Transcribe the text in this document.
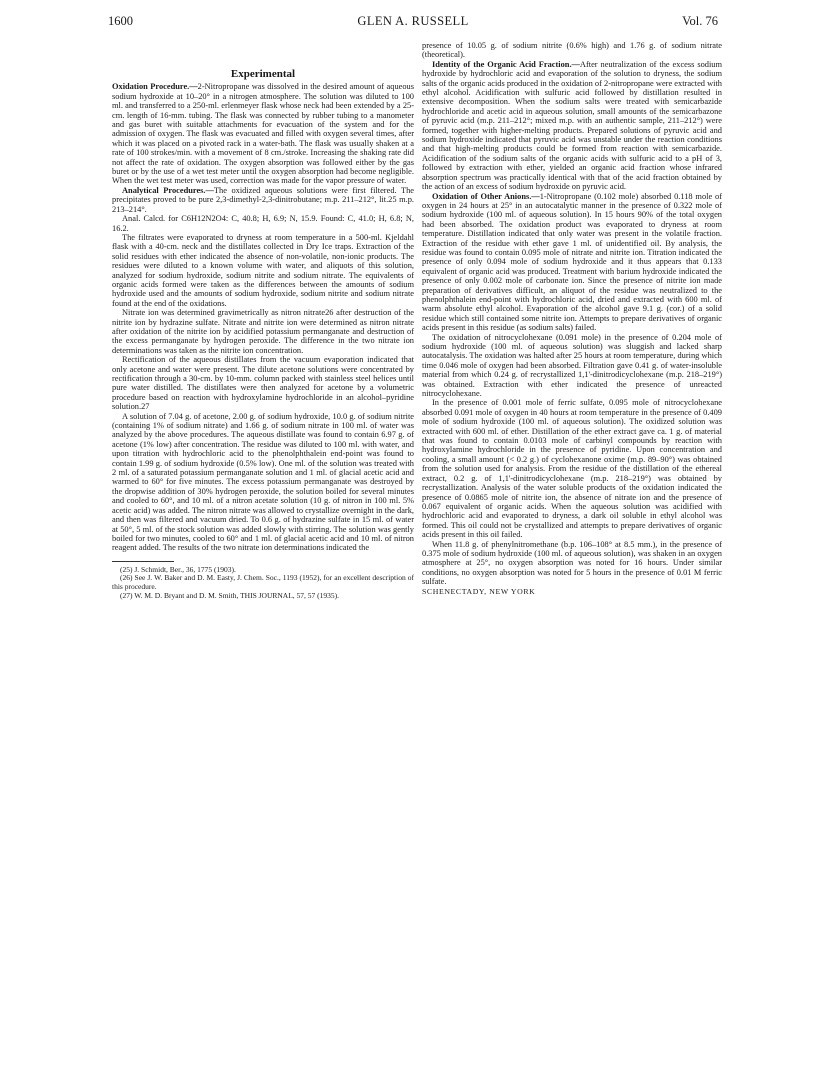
1600	GLEN A. RUSSELL	Vol. 76
Experimental

Oxidation Procedure.—2-Nitropropane was dissolved in the desired amount of aqueous sodium hydroxide at 10–20° in a nitrogen atmosphere. The solution was diluted to 100 ml. and transferred to a 250-ml. erlenmeyer flask whose neck had been extended by a 25-cm. length of 16-mm. tubing. The flask was connected by rubber tubing to a manometer and gas buret with suitable attachments for evacuation of the system and for the admission of oxygen. The flask was evacuated and filled with oxygen several times, after which it was placed on a pivoted rack in a water-bath. The flask was usually shaken at a rate of 100 strokes/min. with a movement of 8 cm./stroke. Increasing the shaking rate did not affect the rate of oxidation. The oxygen absorption was followed either by the gas buret or by the use of a wet test meter until the oxygen absorption had become negligible. When the wet test meter was used, correction was made for the vapor pressure of water.

Analytical Procedures.—The oxidized aqueous solutions were first filtered. The precipitates proved to be pure 2,3-dimethyl-2,3-dinitrobutane; m.p. 211–212°, lit.25 m.p. 213–214°.

Anal. Calcd. for C6H12N2O4: C, 40.8; H, 6.9; N, 15.9. Found: C, 41.0; H, 6.8; N, 16.2.

The filtrates were evaporated to dryness at room temperature in a 500-ml. Kjeldahl flask with a 40-cm. neck and the distillates collected in Dry Ice traps. Extraction of the solid residues with ether indicated the absence of non-volatile, non-ionic products. The residues were diluted to a known volume with water, and aliquots of this solution, analyzed for sodium hydroxide, sodium nitrite and sodium nitrate. The equivalents of organic acids formed were taken as the differences between the amounts of sodium hydroxide used and the amounts of sodium hydroxide, sodium nitrite and sodium nitrate found at the end of the oxidations.

Nitrate ion was determined gravimetrically as nitron nitrate26 after destruction of the nitrite ion by hydrazine sulfate. Nitrate and nitrite ion were determined as nitron nitrate after oxidation of the nitrite ion by acidified potassium permanganate and destruction of the excess permanganate by hydrogen peroxide. The difference in the two nitrate ion determinations was taken as the nitrite ion concentration.

Rectification of the aqueous distillates from the vacuum evaporation indicated that only acetone and water were present. The dilute acetone solutions were concentrated by rectification through a 30-cm. by 10-mm. column packed with stainless steel helices until pure water distilled. The distillates were then analyzed for acetone by a volumetric procedure based on reaction with hydroxylamine hydrochloride in an alcohol–pyridine solution.27

A solution of 7.04 g. of acetone, 2.00 g. of sodium hydroxide, 10.0 g. of sodium nitrite (containing 1% of sodium nitrate) and 1.66 g. of sodium nitrate in 100 ml. of water was analyzed by the above procedures. The aqueous distillate was found to contain 6.97 g. of acetone (1% low) after concentration. The residue was diluted to 100 ml. with water, and upon titration with hydrochloric acid to the phenolphthalein end-point was found to contain 1.99 g. of sodium hydroxide (0.5% low). One ml. of the solution was treated with 2 ml. of a saturated potassium permanganate solution and 1 ml. of glacial acetic acid and warmed to 60° for five minutes. The excess potassium permanganate was destroyed by the dropwise addition of 30% hydrogen peroxide, the solution boiled for several minutes and cooled to 60°, and 10 ml. of a nitron acetate solution (10 g. of nitron in 100 ml. 5% acetic acid) was added. The nitron nitrate was allowed to crystallize overnight in the dark, and then was filtered and vacuum dried. To 0.6 g. of hydrazine sulfate in 15 ml. of water at 50°, 5 ml. of the stock solution was added slowly with stirring. The solution was gently boiled for two minutes, cooled to 60° and 1 ml. of glacial acetic acid and 10 ml. of nitron reagent added. The results of the two nitrate ion determinations indicated the

(25) J. Schmidt, Ber., 36, 1775 (1903).

(26) See J. W. Baker and D. M. Easty, J. Chem. Soc., 1193 (1952), for an excellent description of this procedure.

(27) W. M. D. Bryant and D. M. Smith, THIS JOURNAL, 57, 57 (1935).

presence of 10.05 g. of sodium nitrite (0.6% high) and 1.76 g. of sodium nitrate (theoretical).

Identity of the Organic Acid Fraction.—After neutralization of the excess sodium hydroxide by hydrochloric acid and evaporation of the solution to dryness, the sodium salts of the organic acids produced in the oxidation of 2-nitropropane were extracted with ethyl alcohol. Acidification with sulfuric acid followed by distillation resulted in extensive decomposition. When the sodium salts were treated with semicarbazide hydrochloride and acetic acid in aqueous solution, small amounts of the semicarbazone of pyruvic acid (m.p. 211–212°; mixed m.p. with an authentic sample, 211–212°) were formed, together with higher-melting products. Prepared solutions of pyruvic acid and sodium hydroxide indicated that pyruvic acid was unstable under the reaction conditions and that high-melting products could be formed from reaction with semicarbazide. Acidification of the sodium salts of the organic acids with sulfuric acid to a pH of 3, followed by extraction with ether, yielded an organic acid fraction whose infrared absorption spectrum was practically identical with that of the acid fraction obtained by the action of an excess of sodium hydroxide on pyruvic acid.

Oxidation of Other Anions.—1-Nitropropane (0.102 mole) absorbed 0.118 mole of oxygen in 24 hours at 25° in an autocatalytic manner in the presence of 0.322 mole of sodium hydroxide (100 ml. of aqueous solution). In 15 hours 90% of the total oxygen had been absorbed. The oxidation product was evaporated to dryness at room temperature. Distillation indicated that only water was present in the volatile fraction. Extraction of the residue with ether gave 1 ml. of unidentified oil. By analysis, the residue was found to contain 0.095 mole of nitrate and nitrite ion. Titration indicated the presence of only 0.094 mole of sodium hydroxide and it thus appears that 0.133 equivalent of organic acid was produced. Treatment with barium hydroxide indicated the presence of only 0.002 mole of carbonate ion. Since the presence of nitrite ion made preparation of derivatives difficult, an aliquot of the residue was neutralized to the phenolphthalein end-point with hydrochloric acid, dried and extracted with 600 ml. of warm absolute ethyl alcohol. Evaporation of the alcohol gave 9.1 g. (cor.) of a solid residue which still contained some nitrite ion. Attempts to prepare derivatives of organic acids present in this residue (as sodium salts) failed.

The oxidation of nitrocyclohexane (0.091 mole) in the presence of 0.204 mole of sodium hydroxide (100 ml. of aqueous solution) was sluggish and lacked sharp autocatalysis. The oxidation was halted after 25 hours at room temperature, during which time 0.046 mole of oxygen had been absorbed. Filtration gave 0.41 g. of water-insoluble material from which 0.24 g. of recrystallized 1,1'-dinitrodicyclohexane (m.p. 218–219°) was obtained. Extraction with ether indicated the presence of unreacted nitrocyclohexane.

In the presence of 0.001 mole of ferric sulfate, 0.095 mole of nitrocyclohexane absorbed 0.091 mole of oxygen in 40 hours at room temperature in the presence of 0.409 mole of sodium hydroxide (100 ml. of aqueous solution). The oxidized solution was extracted with 600 ml. of ether. Distillation of the ether extract gave ca. 1 g. of material that was found to contain 0.0103 mole of carbinyl compounds by reaction with hydroxylamine hydrochloride in the presence of pyridine. Upon concentration and cooling, a small amount (< 0.2 g.) of cyclohexanone oxime (m.p. 89–90°) was obtained from the solution used for analysis. From the residue of the distillation of the ethereal extract, 0.2 g. of 1,1'-dinitrodicyclohexane (m.p. 218–219°) was obtained by recrystallization. Analysis of the water soluble products of the oxidation indicated the presence of 0.0865 mole of nitrite ion, the absence of nitrate ion and the presence of 0.067 equivalent of organic acids. When the aqueous solution was acidified with hydrochloric acid and evaporated to dryness, a dark oil soluble in ethyl alcohol was formed. This oil could not be crystallized and attempts to prepare derivatives of organic acids present in this oil failed.

When 11.8 g. of phenylnitromethane (b.p. 106–108° at 8.5 mm.), in the presence of 0.375 mole of sodium hydroxide (100 ml. of aqueous solution), was shaken in an oxygen atmosphere at 25°, no oxygen absorption was noted for 16 hours. Under similar conditions, no oxygen absorption was noted for 5 hours in the presence of 0.01 M ferric sulfate.

SCHENECTADY, NEW YORK
